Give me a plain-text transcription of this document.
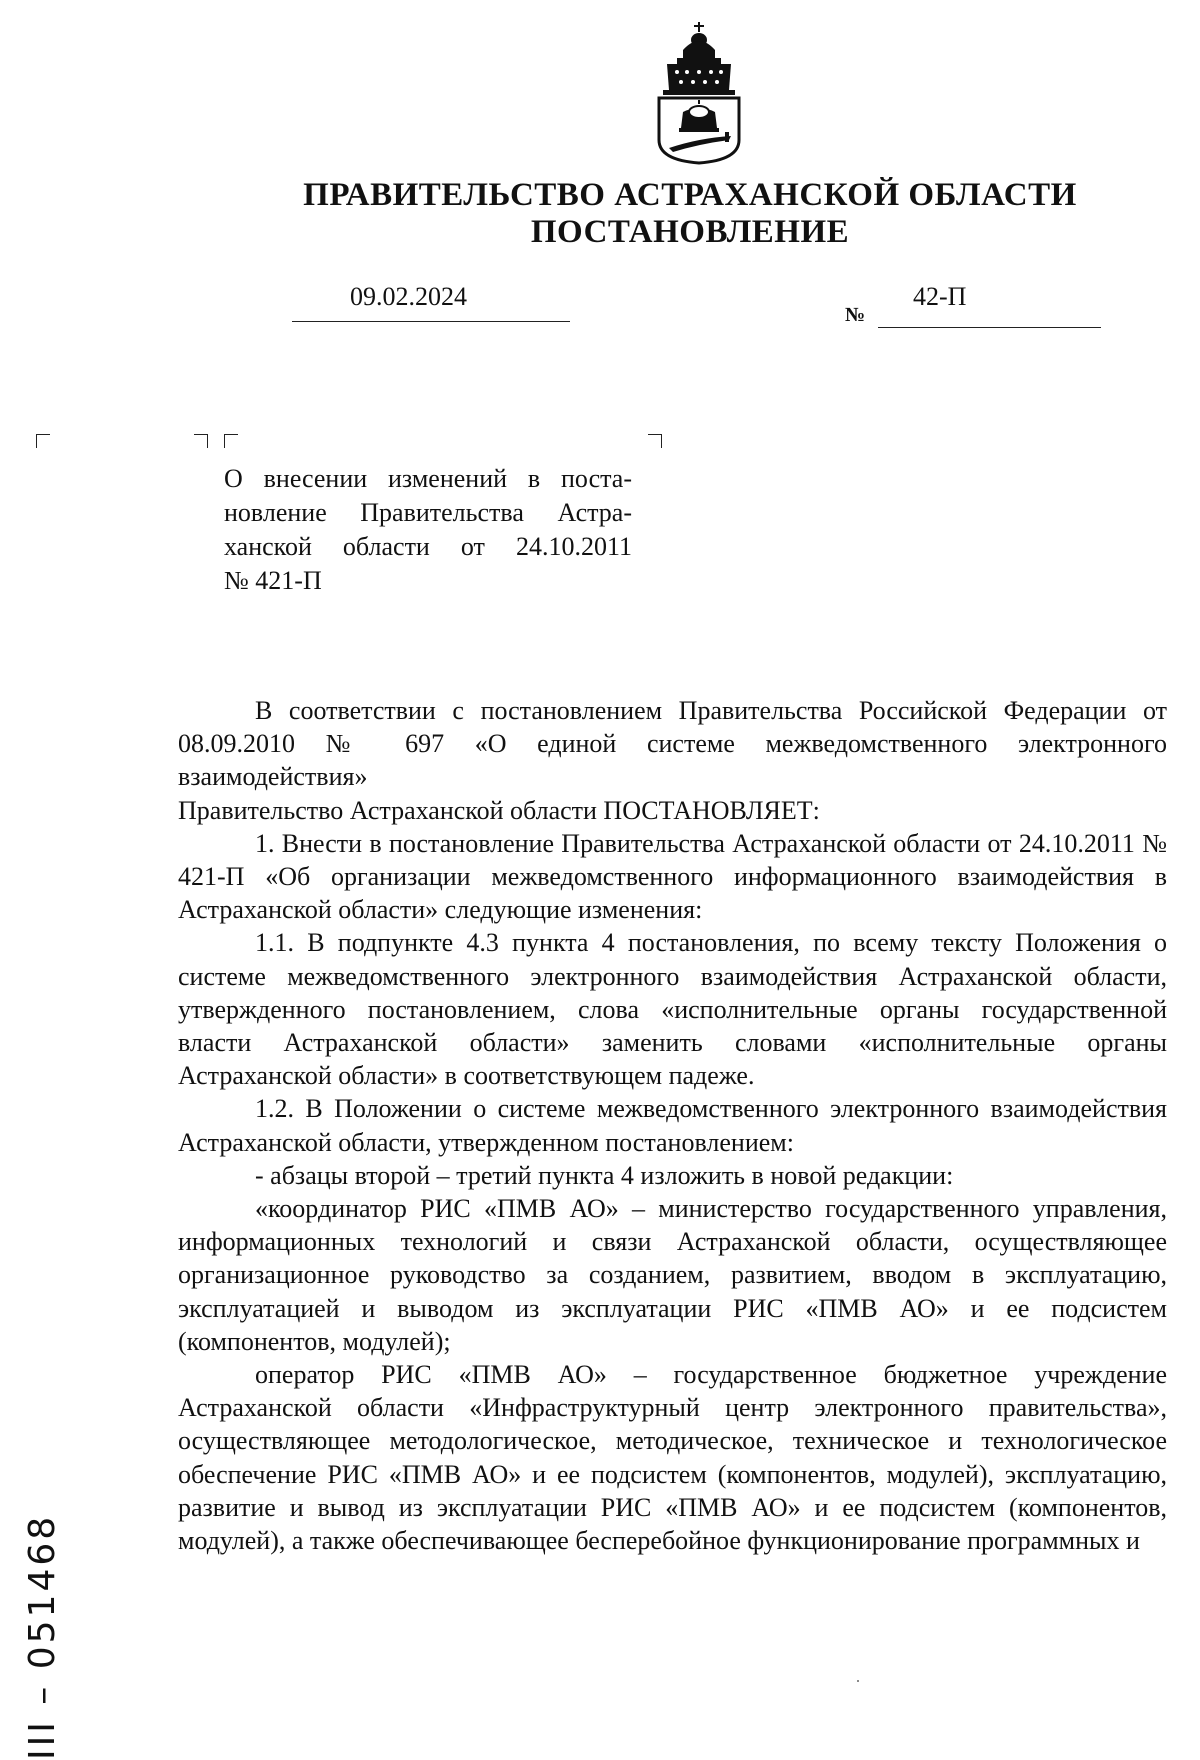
ПРАВИТЕЛЬСТВО АСТРАХАНСКОЙ ОБЛАСТИ
ПОСТАНОВЛЕНИЕ
09.02.2024
№
42-П
О внесении изменений в поста-
новление Правительства Астра-
ханской области от 24.10.2011
№ 421-П

В соответствии с постановлением Правительства Российской Федерации от 08.09.2010 № 697 «О единой системе межведомственного электронного взаимодействия»

Правительство Астраханской области ПОСТАНОВЛЯЕТ:

1. Внести в постановление Правительства Астраханской области от 24.10.2011 № 421-П «Об организации межведомственного информационного взаимодействия в Астраханской области» следующие изменения:

1.1. В подпункте 4.3 пункта 4 постановления, по всему тексту Положения о системе межведомственного электронного взаимодействия Астраханской области, утвержденного постановлением, слова «исполнительные органы государственной власти Астраханской области» заменить словами «исполнительные органы Астраханской области» в соответствующем падеже.

1.2. В Положении о системе межведомственного электронного взаимодействия Астраханской области, утвержденном постановлением:

- абзацы второй – третий пункта 4 изложить в новой редакции:

«координатор РИС «ПМВ АО» – министерство государственного управления, информационных технологий и связи Астраханской области, осуществляющее организационное руководство за созданием, развитием, вводом в эксплуатацию, эксплуатацией и выводом из эксплуатации РИС «ПМВ АО» и ее подсистем (компонентов, модулей);

оператор РИС «ПМВ АО» – государственное бюджетное учреждение Астраханской области «Инфраструктурный центр электронного правительства», осуществляющее методологическое, методическое, техническое и технологическое обеспечение РИС «ПМВ АО» и ее подсистем (компонентов, модулей), эксплуатацию, развитие и вывод из эксплуатации РИС «ПМВ АО» и ее подсистем (компонентов, модулей), а также обеспечивающее бесперебойное функционирование программных и

III – 051468
